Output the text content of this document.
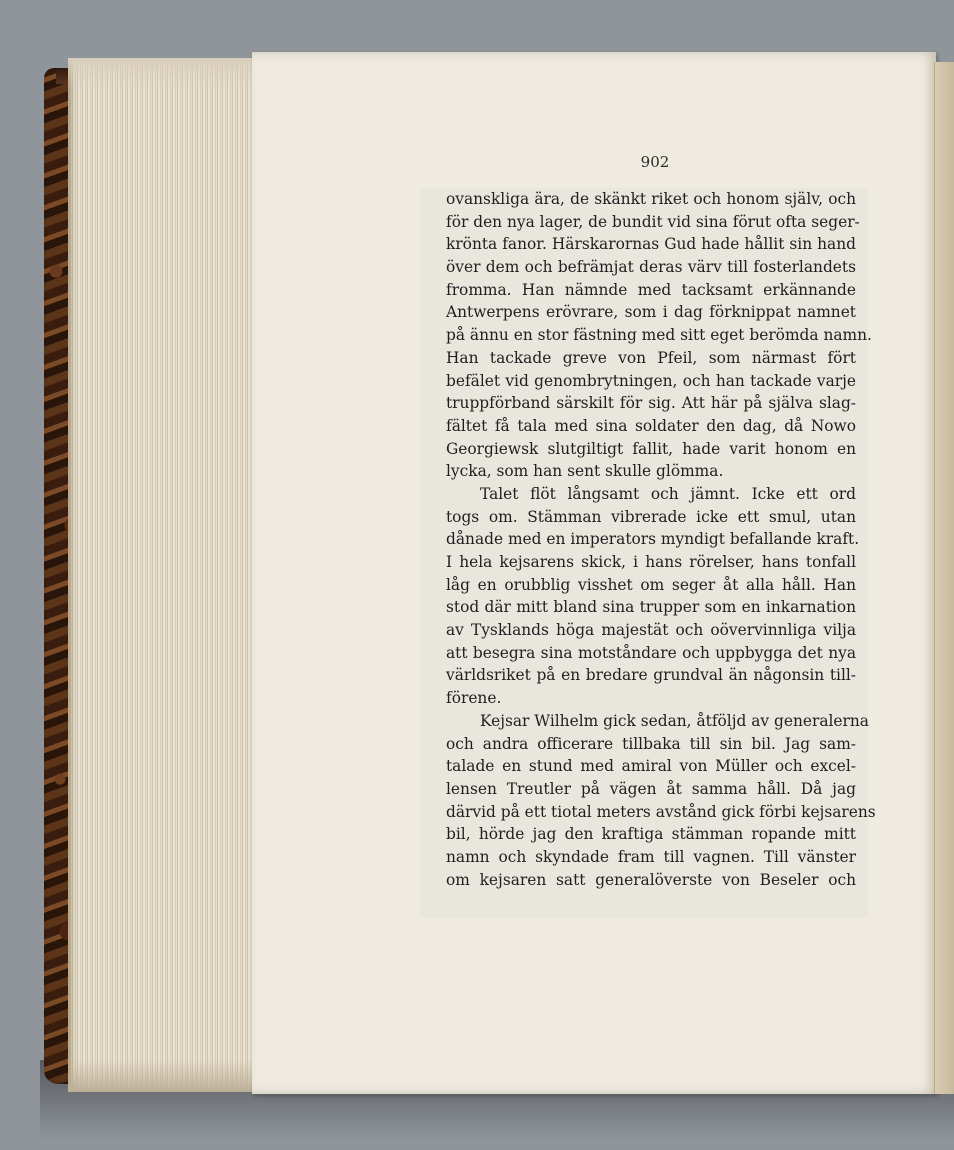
902
ovanskliga ära, de skänkt riket och honom själv, och
för den nya lager, de bundit vid sina förut ofta seger-
krönta fanor. Härskarornas Gud hade hållit sin hand
över dem och befrämjat deras värv till fosterlandets
fromma. Han nämnde med tacksamt erkännande
Antwerpens erövrare, som i dag förknippat namnet
på ännu en stor fästning med sitt eget berömda namn.
Han tackade greve von Pfeil, som närmast fört
befälet vid genombrytningen, och han tackade varje
truppförband särskilt för sig. Att här på själva slag-
fältet få tala med sina soldater den dag, då Nowo
Georgiewsk slutgiltigt fallit, hade varit honom en
lycka, som han sent skulle glömma.
Talet flöt långsamt och jämnt. Icke ett ord
togs om. Stämman vibrerade icke ett smul, utan
dånade med en imperators myndigt befallande kraft.
I hela kejsarens skick, i hans rörelser, hans tonfall
låg en orubblig visshet om seger åt alla håll. Han
stod där mitt bland sina trupper som en inkarnation
av Tysklands höga majestät och oövervinnliga vilja
att besegra sina motståndare och uppbygga det nya
världsriket på en bredare grundval än någonsin till-
förene.
Kejsar Wilhelm gick sedan, åtföljd av generalerna
och andra officerare tillbaka till sin bil. Jag sam-
talade en stund med amiral von Müller och excel-
lensen Treutler på vägen åt samma håll. Då jag
därvid på ett tiotal meters avstånd gick förbi kejsarens
bil, hörde jag den kraftiga stämman ropande mitt
namn och skyndade fram till vagnen. Till vänster
om kejsaren satt generalöverste von Beseler och
